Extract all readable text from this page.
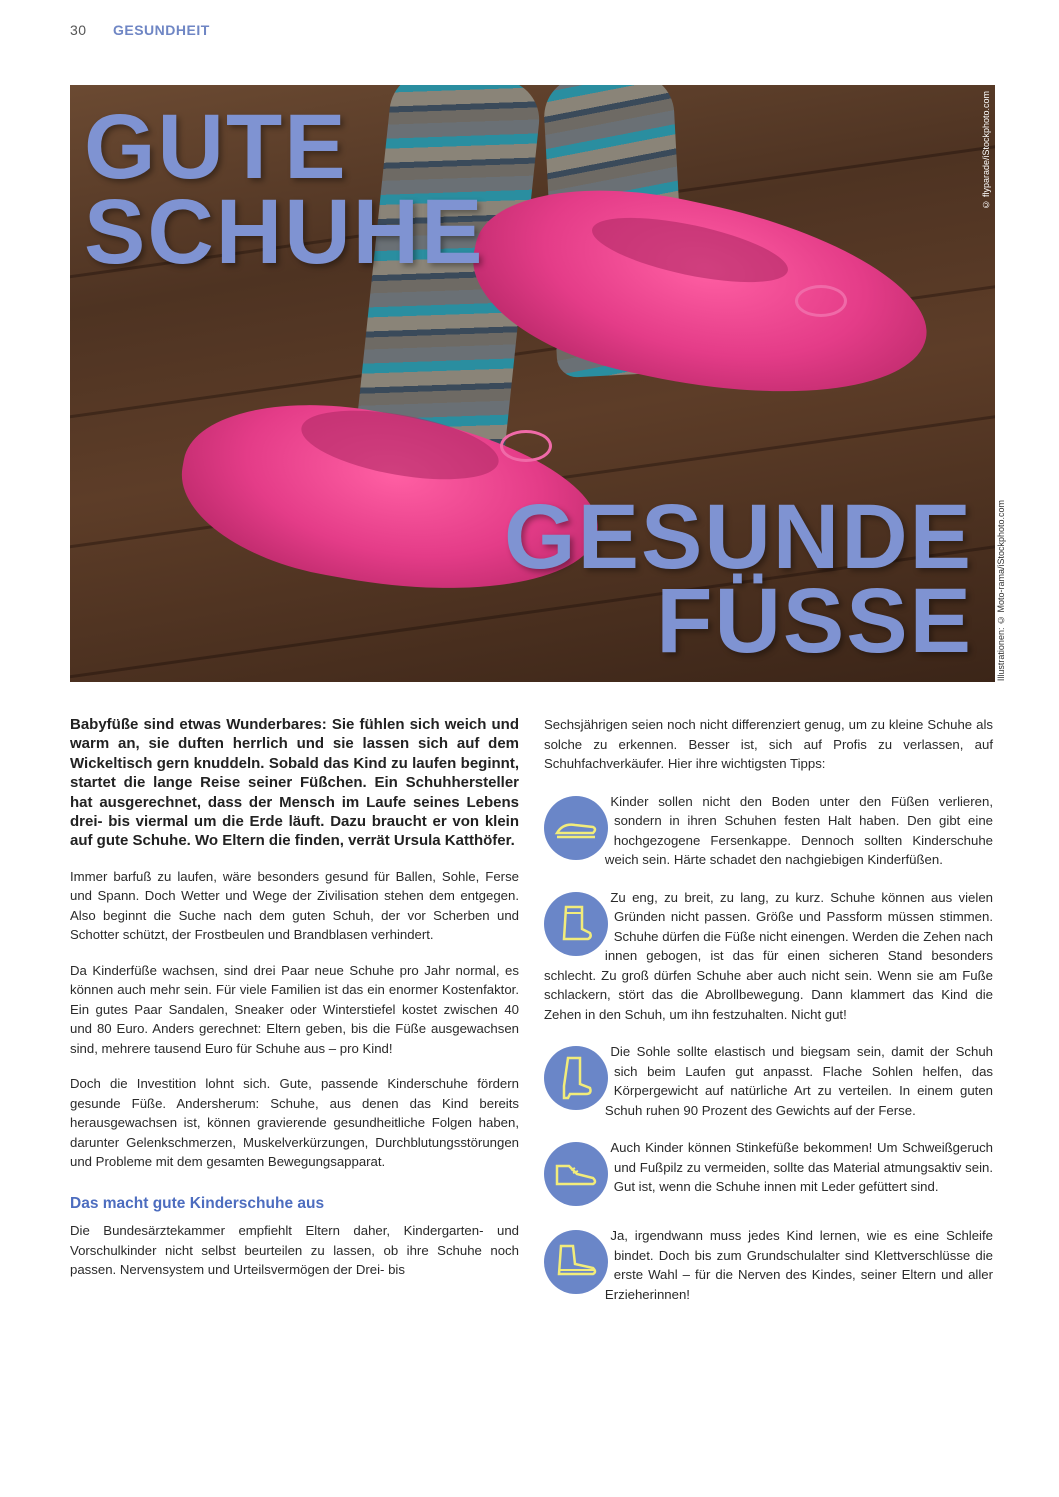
30 GESUNDHEIT
GUTE
SCHUHE
GESUNDE
FÜSSE
© flyparade/iStockphoto.com
Illustrationen: © Moto-rama/iStockphoto.com

Babyfüße sind etwas Wunderbares: Sie fühlen sich weich und warm an, sie duften herrlich und sie lassen sich auf dem Wickeltisch gern knuddeln. Sobald das Kind zu laufen beginnt, startet die lange Reise seiner Füßchen. Ein Schuhhersteller hat ausgerechnet, dass der Mensch im Laufe seines Lebens drei- bis viermal um die Erde läuft. Dazu braucht er von klein auf gute Schuhe. Wo Eltern die finden, verrät Ursula Katthöfer.

Immer barfuß zu laufen, wäre besonders gesund für Ballen, Sohle, Ferse und Spann. Doch Wetter und Wege der Zivilisation stehen dem entgegen. Also beginnt die Suche nach dem guten Schuh, der vor Scherben und Schotter schützt, der Frostbeulen und Brandblasen verhindert.

Da Kinderfüße wachsen, sind drei Paar neue Schuhe pro Jahr normal, es können auch mehr sein. Für viele Familien ist das ein enormer Kostenfaktor. Ein gutes Paar Sandalen, Sneaker oder Winterstiefel kostet zwischen 40 und 80 Euro. Anders gerechnet: Eltern geben, bis die Füße ausgewachsen sind, mehrere tausend Euro für Schuhe aus – pro Kind!

Doch die Investition lohnt sich. Gute, passende Kinderschuhe fördern gesunde Füße. Andersherum: Schuhe, aus denen das Kind bereits herausgewachsen ist, können gravierende gesundheitliche Folgen haben, darunter Gelenkschmerzen, Muskelverkürzungen, Durchblutungsstörungen und Probleme mit dem gesamten Bewegungsapparat.

Das macht gute Kinderschuhe aus

Die Bundesärztekammer empfiehlt Eltern daher, Kindergarten- und Vorschulkinder nicht selbst beurteilen zu lassen, ob ihre Schuhe noch passen. Nervensystem und Urteilsvermögen der Drei- bis

Sechsjährigen seien noch nicht differenziert genug, um zu kleine Schuhe als solche zu erkennen. Besser ist, sich auf Profis zu verlassen, auf Schuhfachverkäufer. Hier ihre wichtigsten Tipps:

Kinder sollen nicht den Boden unter den Füßen verlieren, sondern in ihren Schuhen festen Halt haben. Den gibt eine hochgezogene Fersenkappe. Dennoch sollten Kinderschuhe weich sein. Härte schadet den nachgiebigen Kinderfüßen.
Zu eng, zu breit, zu lang, zu kurz. Schuhe können aus vielen Gründen nicht passen. Größe und Passform müssen stimmen. Schuhe dürfen die Füße nicht einengen. Werden die Zehen nach innen gebogen, ist das für einen sicheren Stand besonders schlecht. Zu groß dürfen Schuhe aber auch nicht sein. Wenn sie am Fuße schlackern, stört das die Abrollbewegung. Dann klammert das Kind die Zehen in den Schuh, um ihn festzuhalten. Nicht gut!
Die Sohle sollte elastisch und biegsam sein, damit der Schuh sich beim Laufen gut anpasst. Flache Sohlen helfen, das Körpergewicht auf natürliche Art zu verteilen. In einem guten Schuh ruhen 90 Prozent des Gewichts auf der Ferse.
Auch Kinder können Stinkefüße bekommen! Um Schweißgeruch und Fußpilz zu vermeiden, sollte das Material atmungsaktiv sein. Gut ist, wenn die Schuhe innen mit Leder gefüttert sind.
Ja, irgendwann muss jedes Kind lernen, wie es eine Schleife bindet. Doch bis zum Grundschulalter sind Klettverschlüsse die erste Wahl – für die Nerven des Kindes, seiner Eltern und aller Erzieherinnen!
